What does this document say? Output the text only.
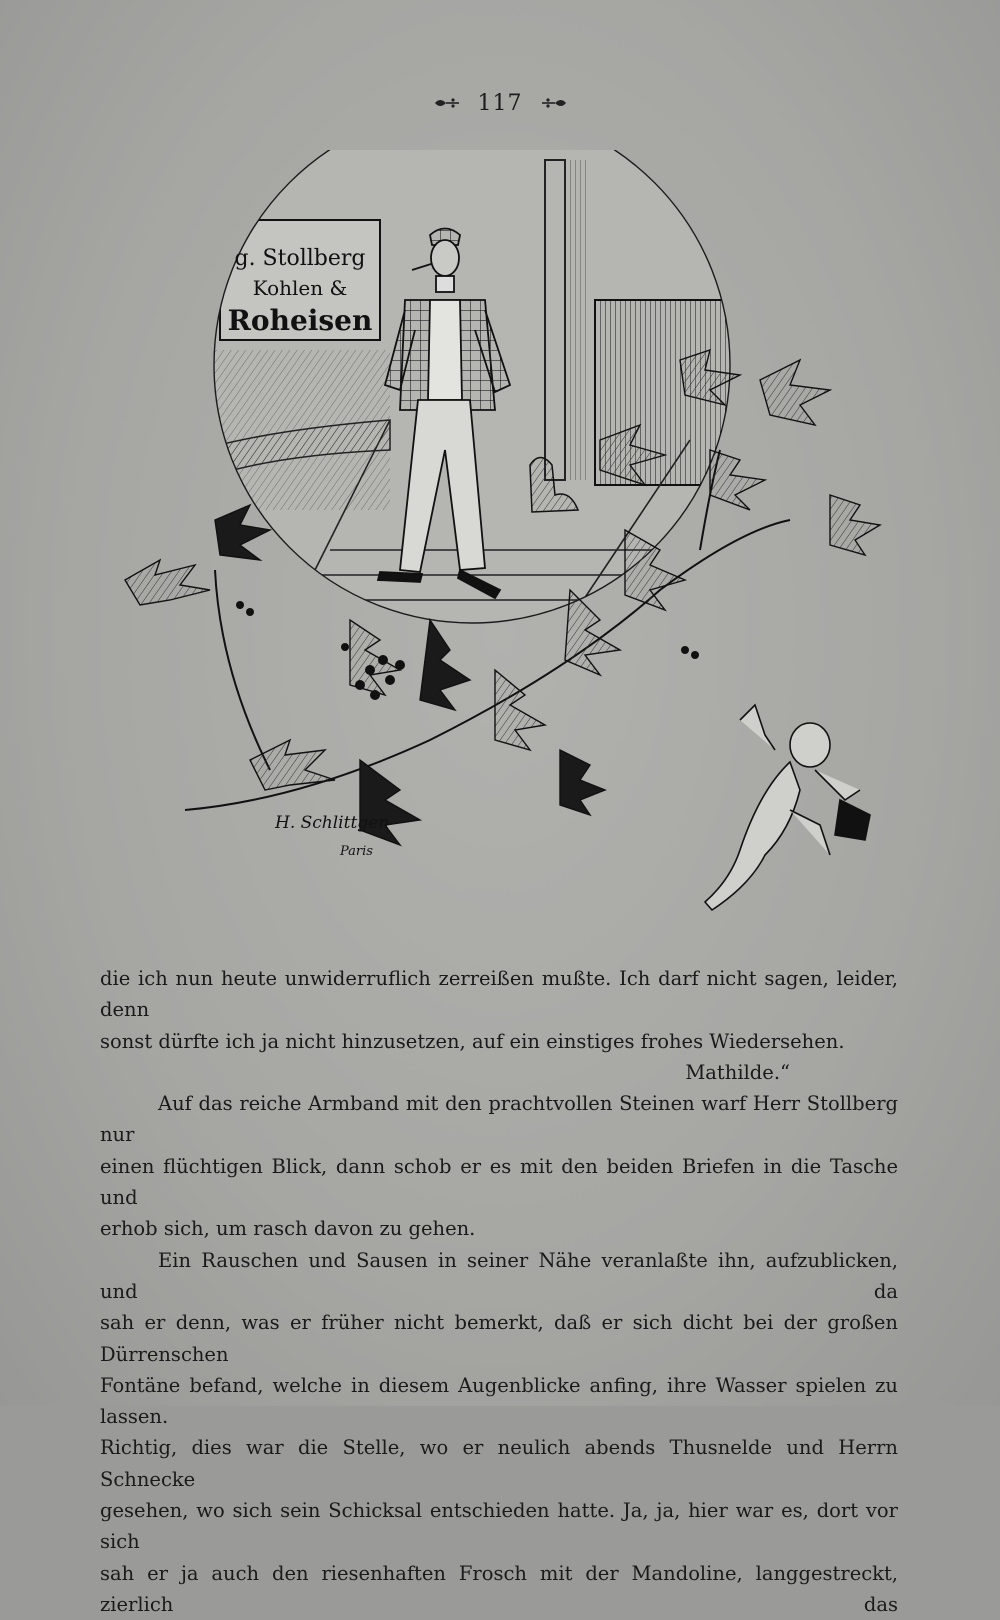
117
g. Stollberg
Kohlen &
Roheisen
H. Schlittgen
Paris

die ich nun heute unwiderruflich zerreißen mußte. Ich darf nicht sagen, leider, denn

sonst dürfte ich ja nicht hinzusetzen, auf ein einstiges frohes Wiedersehen.

Mathilde.“

Auf das reiche Armband mit den prachtvollen Steinen warf Herr Stollberg nur

einen flüchtigen Blick, dann schob er es mit den beiden Briefen in die Tasche und

erhob sich, um rasch davon zu gehen.

Ein Rauschen und Sausen in seiner Nähe veranlaßte ihn, aufzublicken, und da

sah er denn, was er früher nicht bemerkt, daß er sich dicht bei der großen Dürrenschen

Fontäne befand, welche in diesem Augenblicke anfing, ihre Wasser spielen zu lassen.

Richtig, dies war die Stelle, wo er neulich abends Thusnelde und Herrn Schnecke

gesehen, wo sich sein Schicksal entschieden hatte. Ja, ja, hier war es, dort vor sich

sah er ja auch den riesenhaften Frosch mit der Mandoline, langgestreckt, zierlich das
